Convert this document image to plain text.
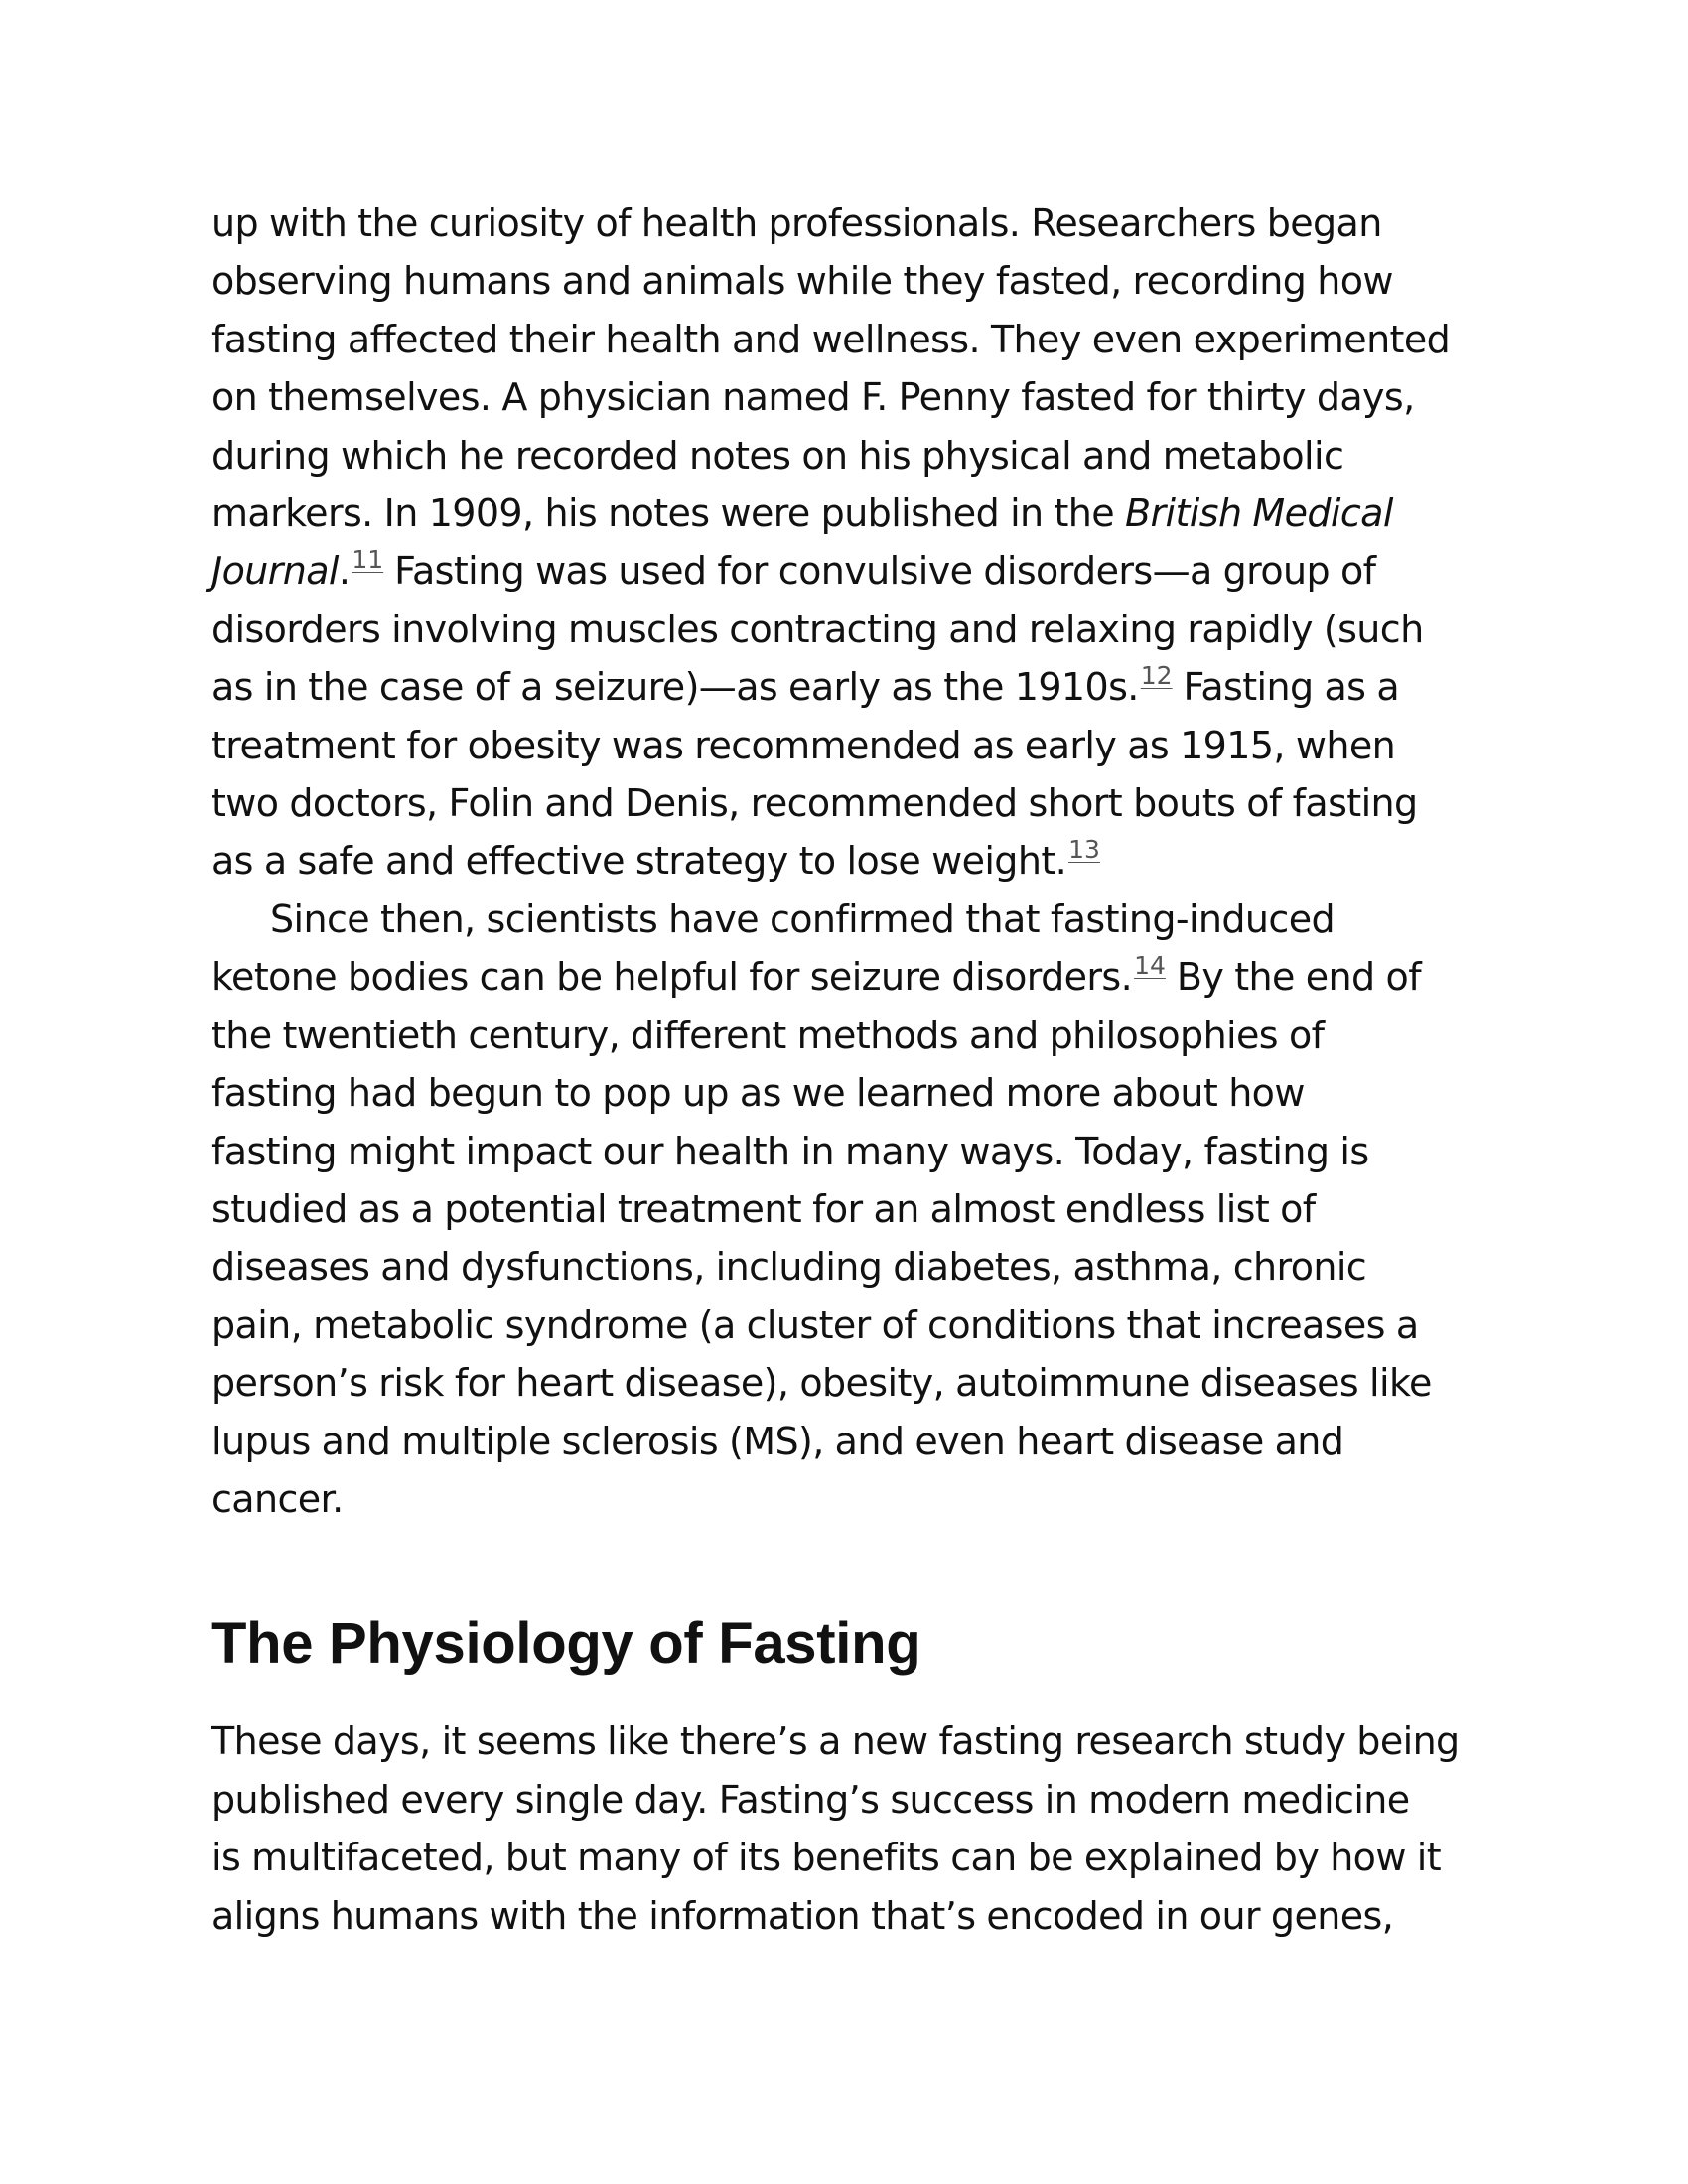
up with the curiosity of health professionals. Researchers began
observing humans and animals while they fasted, recording how
fasting affected their health and wellness. They even experimented
on themselves. A physician named F. Penny fasted for thirty days,
during which he recorded notes on his physical and metabolic
markers. In 1909, his notes were published in the British Medical
Journal.$^{11}$ Fasting was used for convulsive disorders—a group of
disorders involving muscles contracting and relaxing rapidly (such
as in the case of a seizure)—as early as the 1910s.$^{12}$ Fasting as a
treatment for obesity was recommended as early as 1915, when
two doctors, Folin and Denis, recommended short bouts of fasting
as a safe and effective strategy to lose weight.$^{13}$

Since then, scientists have confirmed that fasting-induced
ketone bodies can be helpful for seizure disorders.$^{14}$ By the end of
the twentieth century, different methods and philosophies of
fasting had begun to pop up as we learned more about how
fasting might impact our health in many ways. Today, fasting is
studied as a potential treatment for an almost endless list of
diseases and dysfunctions, including diabetes, asthma, chronic
pain, metabolic syndrome (a cluster of conditions that increases a
person’s risk for heart disease), obesity, autoimmune diseases like
lupus and multiple sclerosis (MS), and even heart disease and
cancer.

The Physiology of Fasting

These days, it seems like there’s a new fasting research study being
published every single day. Fasting’s success in modern medicine
is multifaceted, but many of its benefits can be explained by how it
aligns humans with the information that’s encoded in our genes,
